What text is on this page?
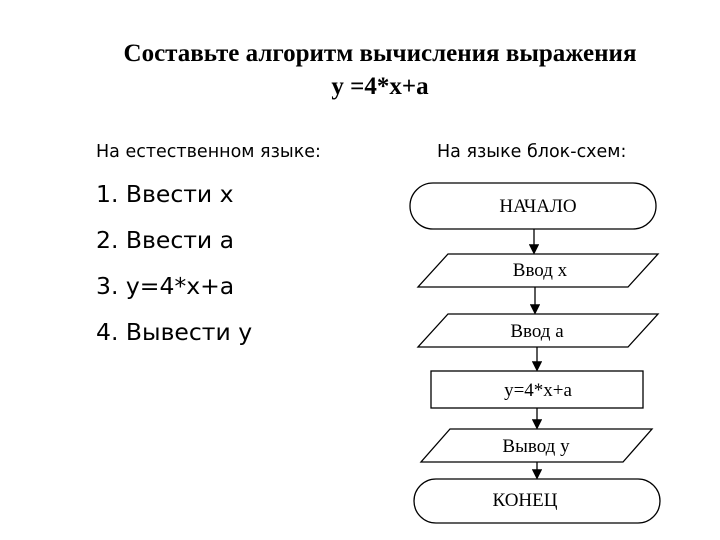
Составьте алгоритм вычисления выражения
y =4*x+a
На естественном языке:	На языке блок-схем:
1. Ввести х
2. Ввести а
3. у=4*х+а
4. Вывести у
НАЧАЛО
Ввод х
Ввод а
у=4*х+а
Вывод у
КОНЕЦ
